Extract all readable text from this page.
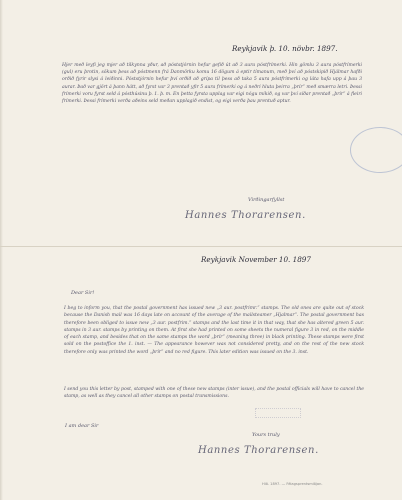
Reykjavik þ. 10. növbr. 1897.
Hjer með leyfi jeg mjer að tilkynna yður, að póststjórnin hefur gefið út að 3 aura póstfrímerki. Hin gömlu 3 aura póstfrímerki (gul) eru þrotin, sökum þess að póstmenn frá Danmörku komu 16 dögum á eptir tímanum, með því að póstskipið Hjálmar hafði orðið fyrir slysi á leiðinni. Póststjórnin hefur því orðið að grípa til þess að taka 5 aura póstfrímerki og láta hafa upp á þau 3 aurar. Það var gjört á þann hátt, að fyrst var 3 prentað yfir 5 aura frímerki og á neðri hluta þeirra „þrír“ með smærra letri. Þessi frímerki voru fyrst seld á pósthúsinu þ. 1. þ. m. En þetta fyrsta upplag var eigi nógu mikið, og var því síðar prentað „þrír“ á fleiri frímerki. Þessi frímerki verða aðeins seld meðan upplagið endist, og eigi verða þau prentuð aptur.
Virðingarfyllst
Hannes Thorarensen.
Reykjavik November 10. 1897
Dear Sir!
I beg to inform you, that the postal government has issued new „3 aur. postfrimr.“ stamps. The old ones are quite out of stock because the Danish mail was 16 days late on account of the average of the mailsteamer „Hjalmar“. The postal government has therefore been obliged to issue new „3 aur. postfrim.“ stamps and the last time it in that way, that she has altered green 5 aur. stamps in 3 aur. stamps by printing on them. At first she had printed on some sheets the numeral figure 3 in red, on the middle of each stamp, and besides that on the same stamps the word „þrír“ (meaning three) in black printing. These stamps were first sold on the postoffice the 1. inst. — The appearance however was not considered pretty, and on the rest of the new stock therefore only was printed the word „þrír“ and no red figure. This later edition was issued on the 3. inst.
I send you this letter by post, stamped with one of these new stamps (inter issue), and the postal officials will have to cancel the stamp, as well as they cancel all other stamps on postal transmissions.
I am dear Sir
Yours truly
Hannes Thorarensen.
Hið. 1897. — Félagsprentsmiðjan.
